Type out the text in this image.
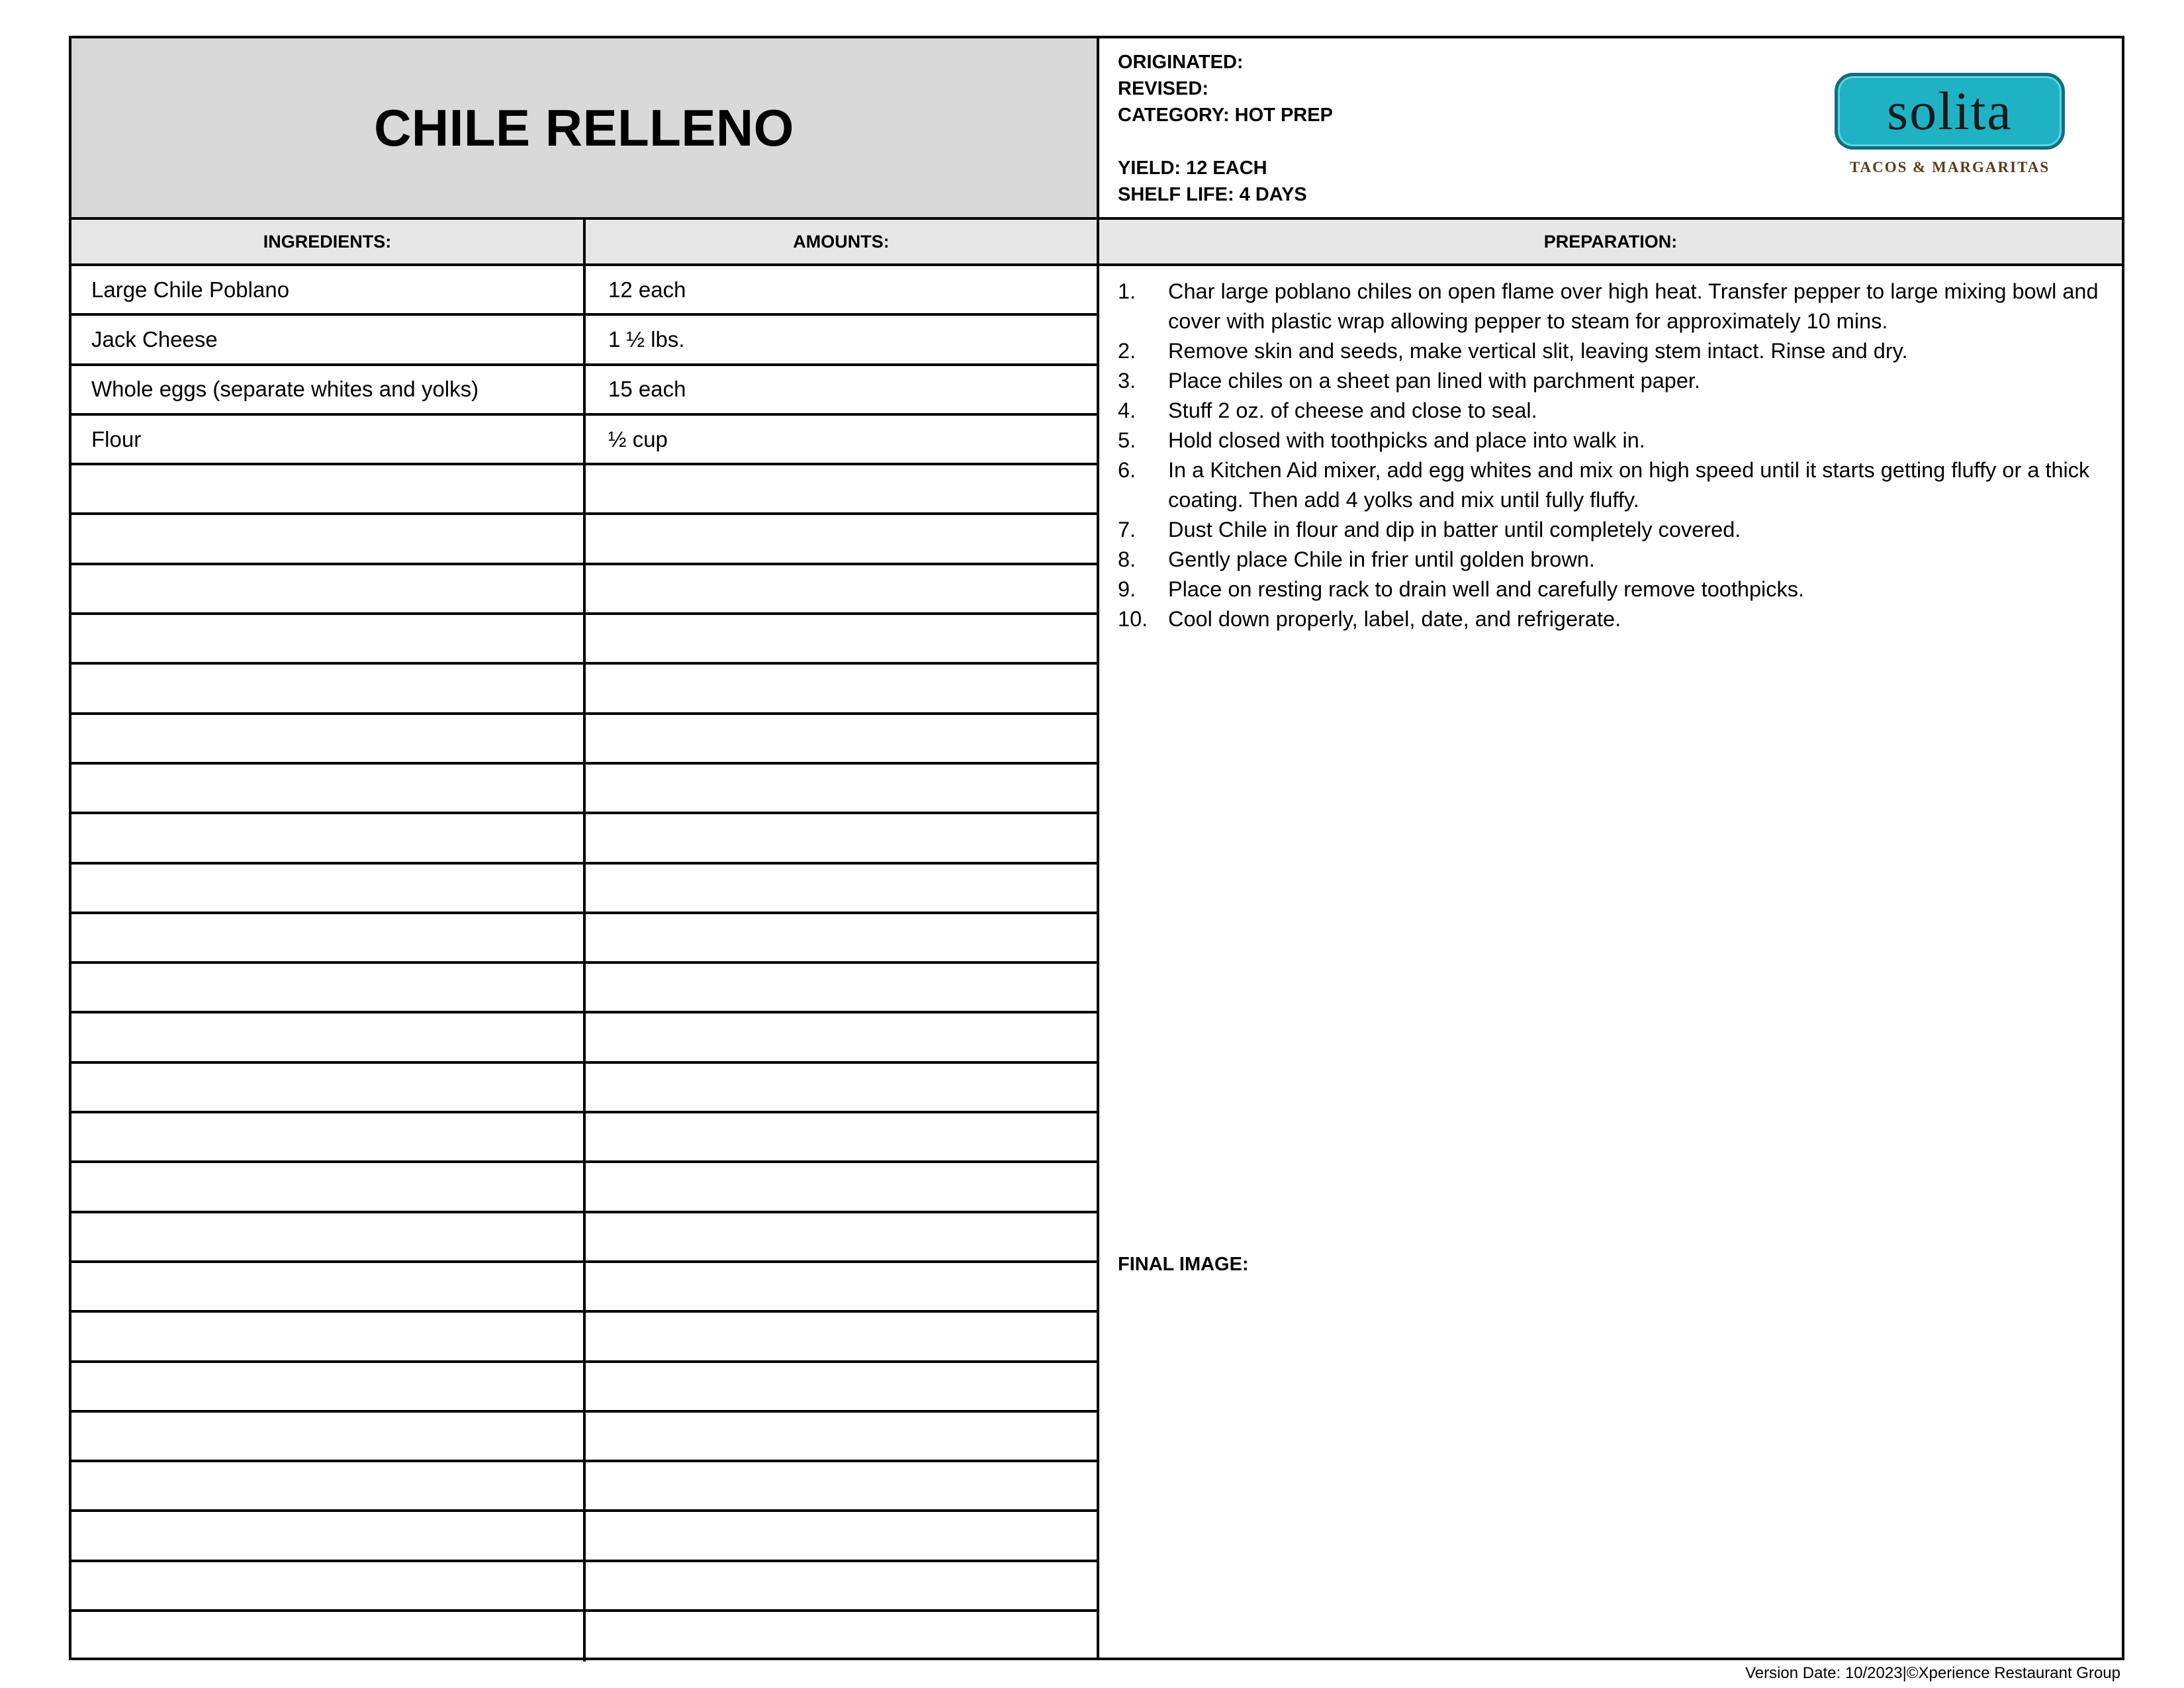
CHILE RELLENO
ORIGINATED:
REVISED:
CATEGORY: HOT PREP
YIELD: 12 EACH
SHELF LIFE: 4 DAYS
solita
TACOS & MARGARITAS
INGREDIENTS:	AMOUNTS:	PREPARATION:
Large Chile Poblano	12 each
Jack Cheese	1 ½ lbs.
Whole eggs (separate whites and yolks)	15 each
Flour	½ cup
1.	Char large poblano chiles on open flame over high heat. Transfer pepper to large mixing bowl and cover with plastic wrap allowing pepper to steam for approximately 10 mins.
2.	Remove skin and seeds, make vertical slit, leaving stem intact. Rinse and dry.
3.	Place chiles on a sheet pan lined with parchment paper.
4.	Stuff 2 oz. of cheese and close to seal.
5.	Hold closed with toothpicks and place into walk in.
6.	In a Kitchen Aid mixer, add egg whites and mix on high speed until it starts getting fluffy or a thick coating. Then add 4 yolks and mix until fully fluffy.
7.	Dust Chile in flour and dip in batter until completely covered.
8.	Gently place Chile in frier until golden brown.
9.	Place on resting rack to drain well and carefully remove toothpicks.
10. Cool down properly, label, date, and refrigerate.
FINAL IMAGE:
Version Date: 10/2023|©Xperience Restaurant Group
